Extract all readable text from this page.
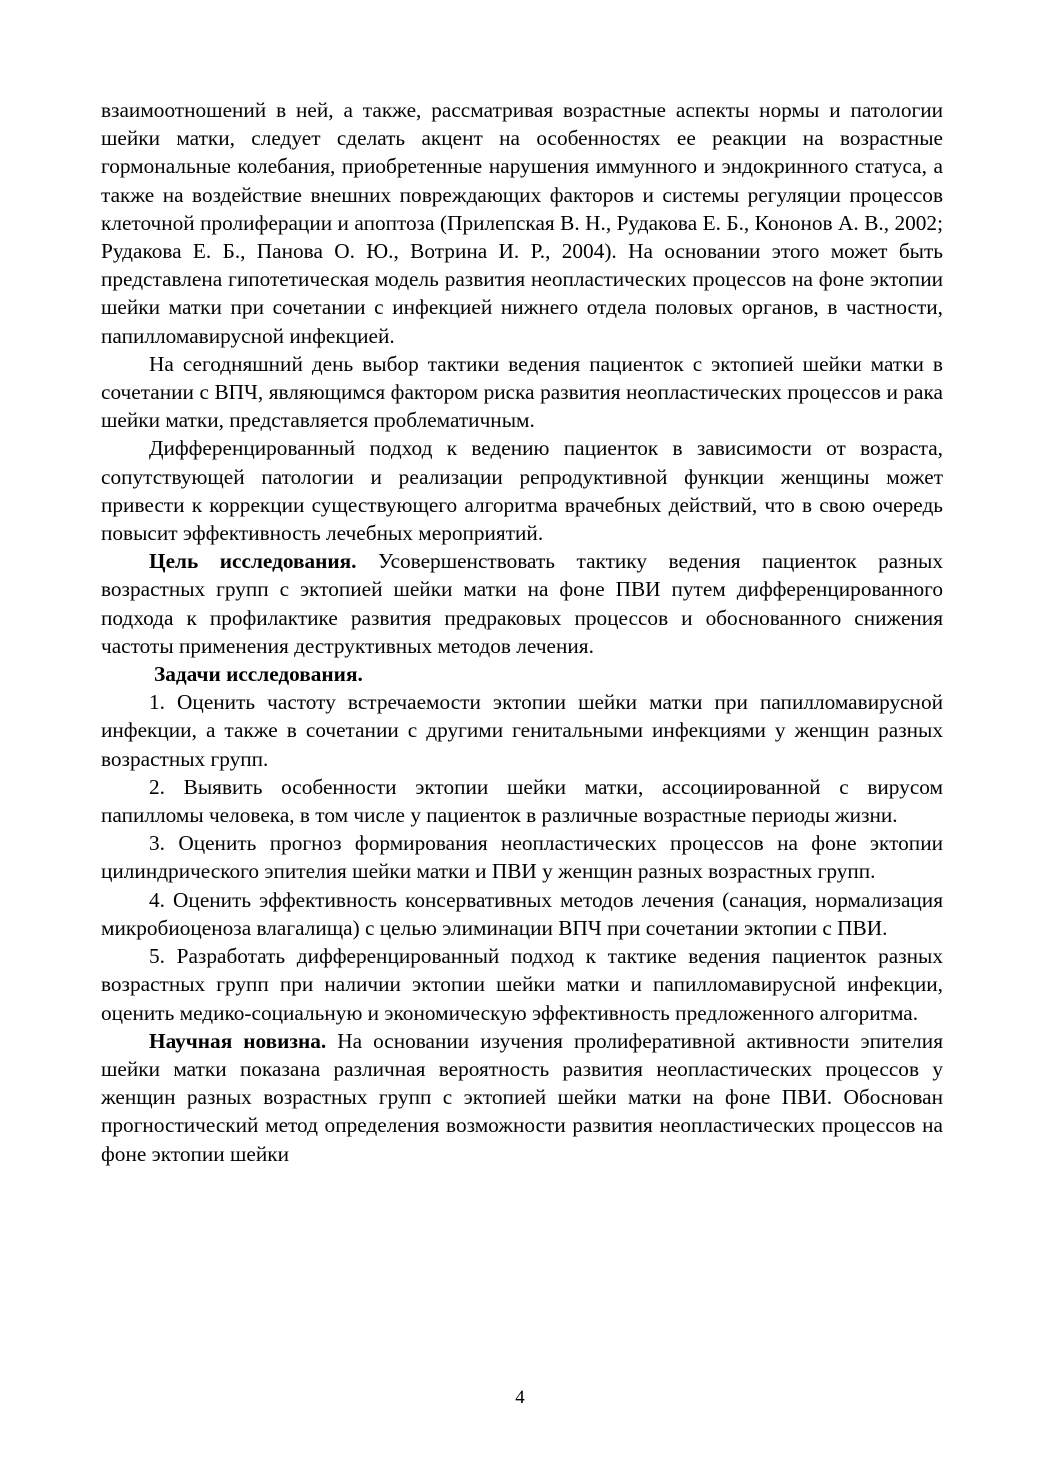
взаимоотношений в ней, а также, рассматривая возрастные аспекты нормы и патологии шейки матки, следует сделать акцент на особенностях ее реакции на возрастные гормональные колебания, приобретенные нарушения иммунного и эндокринного статуса, а также на воздействие внешних повреждающих факторов и системы регуляции процессов клеточной пролиферации и апоптоза (Прилепская В. Н., Рудакова Е. Б., Кононов А. В., 2002; Рудакова Е. Б., Панова О. Ю., Вотрина И. Р., 2004). На основании этого может быть представлена гипотетическая модель развития неопластических процессов на фоне эктопии шейки матки при сочетании с инфекцией нижнего отдела половых органов, в частности, папилломавирусной инфекцией.

На сегодняшний день выбор тактики ведения пациенток с эктопией шейки матки в сочетании с ВПЧ, являющимся фактором риска развития неопластических процессов и рака шейки матки, представляется проблематичным.

Дифференцированный подход к ведению пациенток в зависимости от возраста, сопутствующей патологии и реализации репродуктивной функции женщины может привести к коррекции существующего алгоритма врачебных действий, что в свою очередь повысит эффективность лечебных мероприятий.

Цель исследования. Усовершенствовать тактику ведения пациенток разных возрастных групп с эктопией шейки матки на фоне ПВИ путем дифференцированного подхода к профилактике развития предраковых процессов и обоснованного снижения частоты применения деструктивных методов лечения.

Задачи исследования.

1. Оценить частоту встречаемости эктопии шейки матки при папилломавирусной инфекции, а также в сочетании с другими генитальными инфекциями у женщин разных возрастных групп.

2. Выявить особенности эктопии шейки матки, ассоциированной с вирусом папилломы человека, в том числе у пациенток в различные возрастные периоды жизни.

3. Оценить прогноз формирования неопластических процессов на фоне эктопии цилиндрического эпителия шейки матки и ПВИ у женщин разных возрастных групп.

4. Оценить эффективность консервативных методов лечения (санация, нормализация микробиоценоза влагалища) с целью элиминации ВПЧ при сочетании эктопии с ПВИ.

5. Разработать дифференцированный подход к тактике ведения пациенток разных возрастных групп при наличии эктопии шейки матки и папилломавирусной инфекции, оценить медико-социальную и экономическую эффективность предложенного алгоритма.

Научная новизна. На основании изучения пролиферативной активности эпителия шейки матки показана различная вероятность развития неопластических процессов у женщин разных возрастных групп с эктопией шейки матки на фоне ПВИ. Обоснован прогностический метод определения возможности развития неопластических процессов на фоне эктопии шейки

4
